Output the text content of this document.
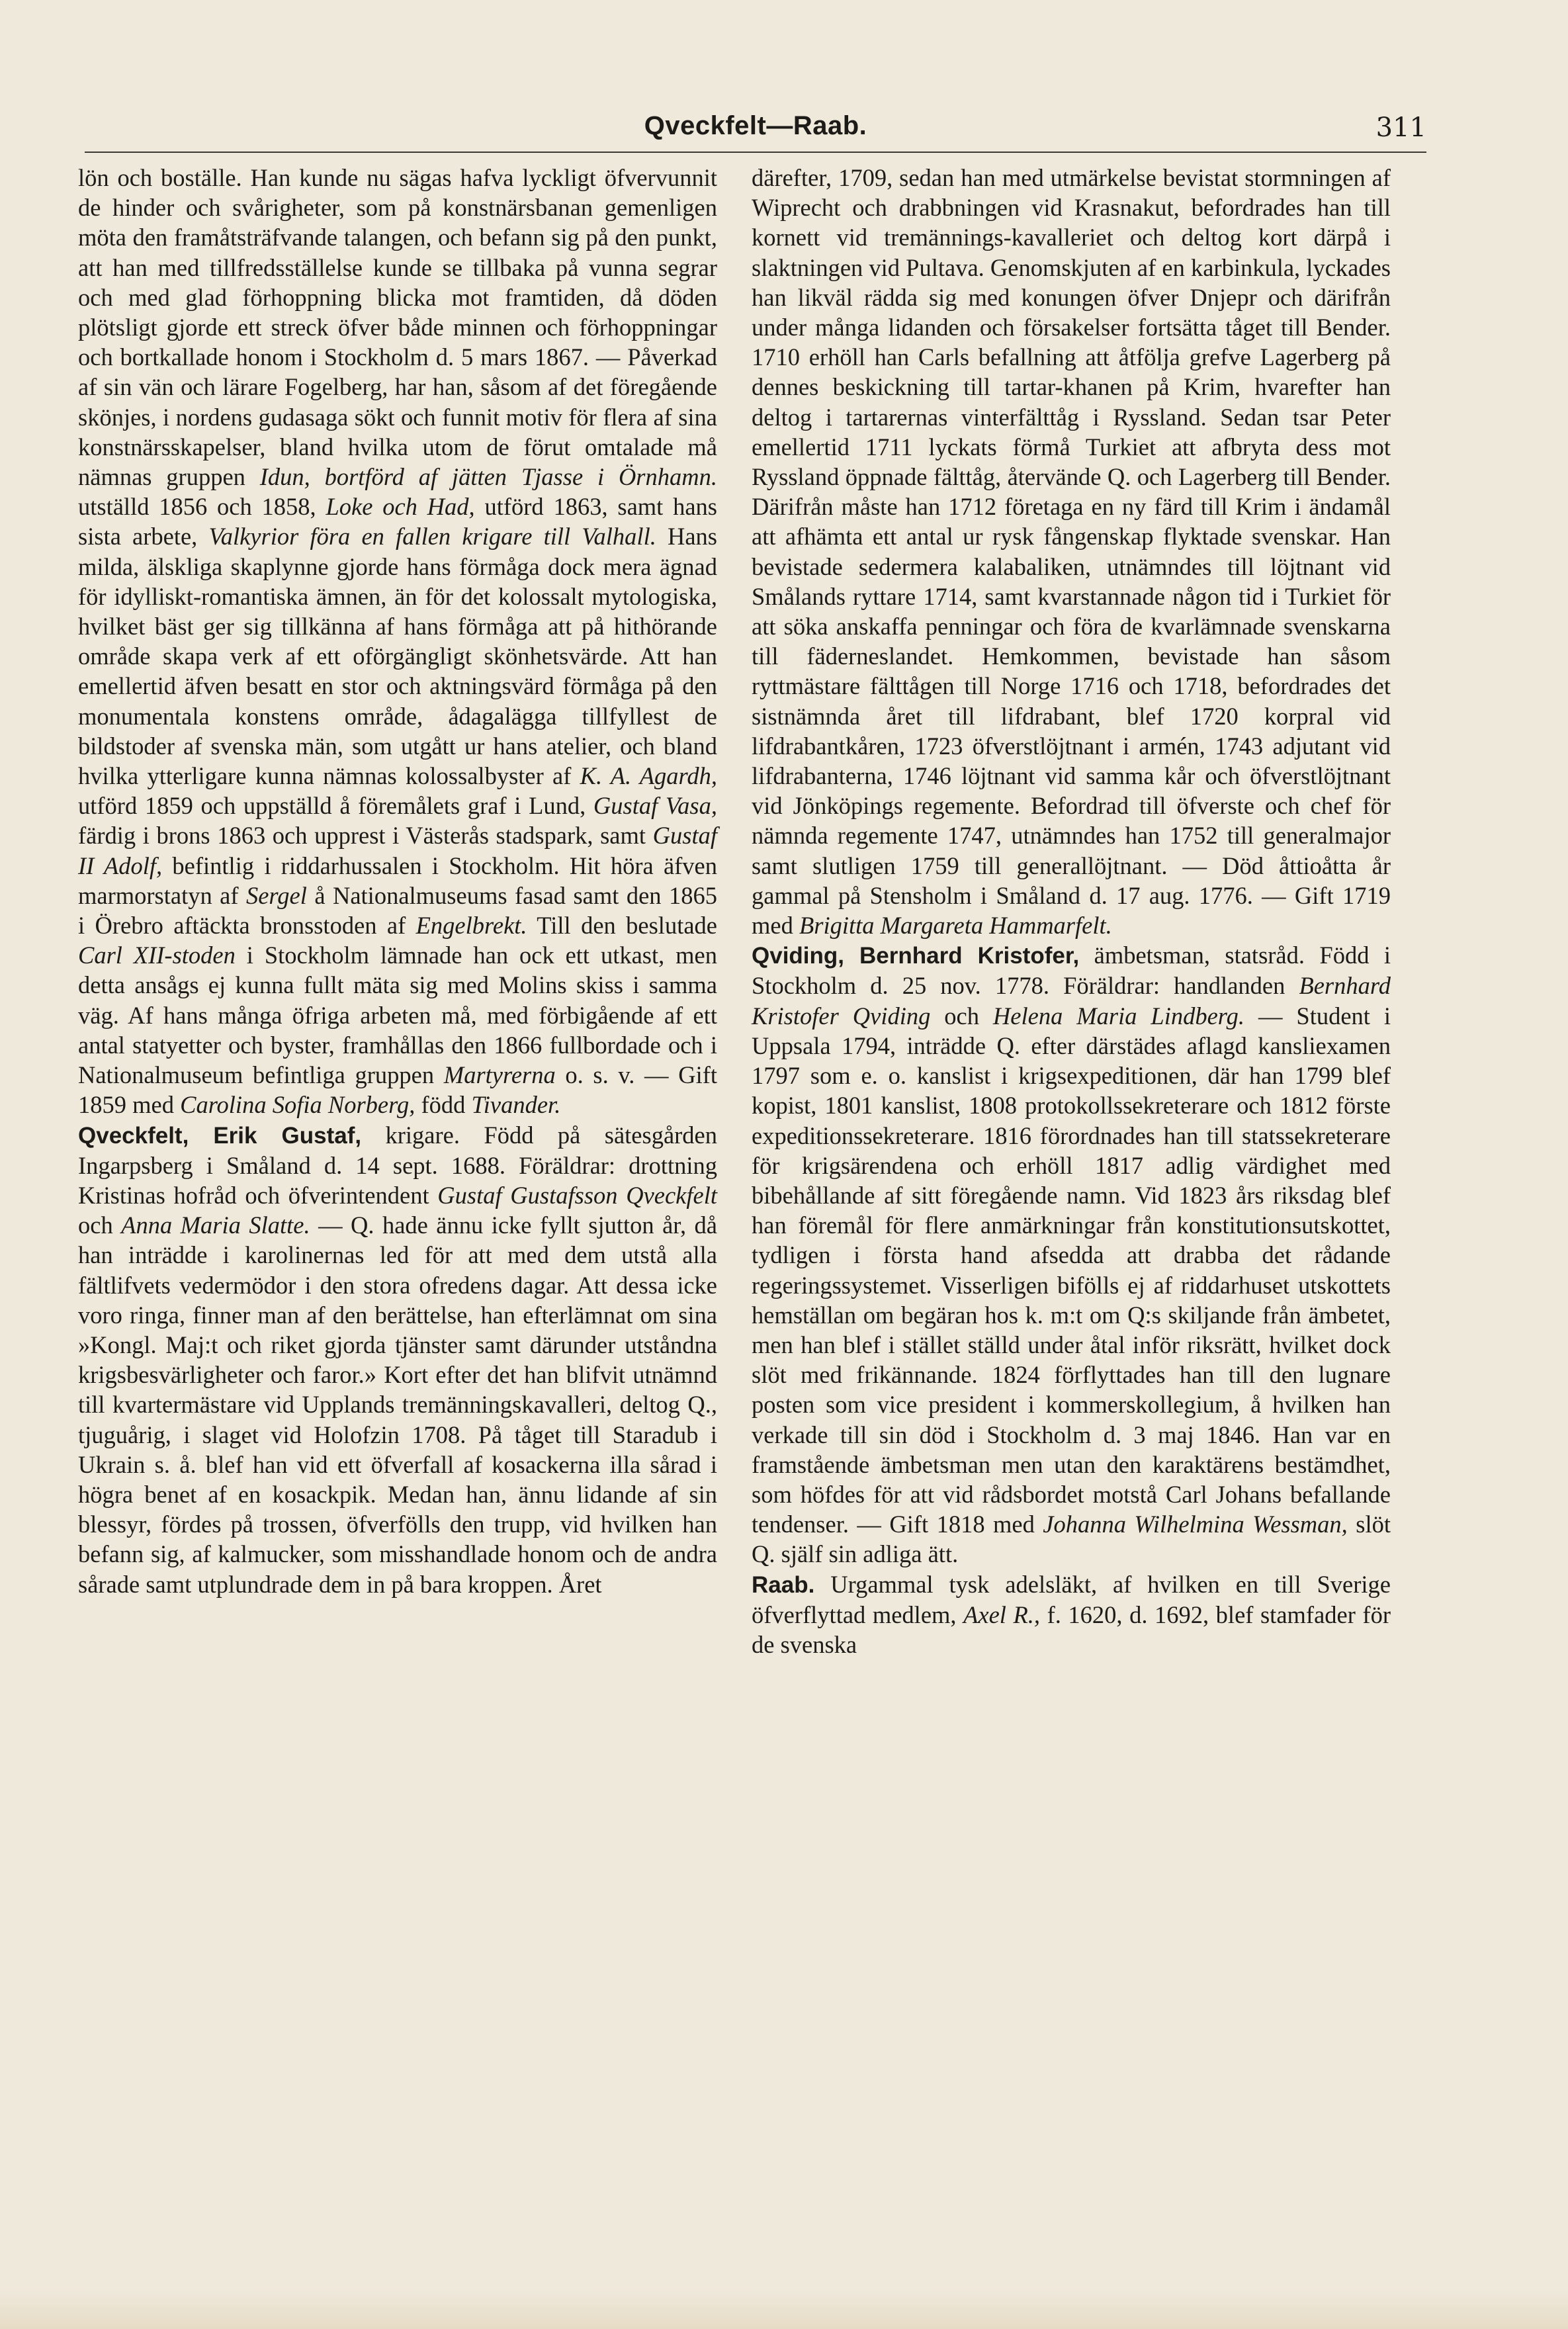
Qveckfelt—Raab.	311

lön och boställe. Han kunde nu sägas hafva lyckligt öfvervunnit de hinder och svårigheter, som på konstnärsbanan gemenligen möta den framåtsträfvande talangen, och befann sig på den punkt, att han med tillfredsställelse kunde se tillbaka på vunna segrar och med glad förhoppning blicka mot framtiden, då döden plötsligt gjorde ett streck öfver både minnen och förhoppningar och bortkallade honom i Stockholm d. 5 mars 1867. — Påverkad af sin vän och lärare Fogelberg, har han, såsom af det föregående skönjes, i nordens gudasaga sökt och funnit motiv för flera af sina konstnärsskapelser, bland hvilka utom de förut omtalade må nämnas gruppen Idun, bortförd af jätten Tjasse i Örnhamn. utställd 1856 och 1858, Loke och Had, utförd 1863, samt hans sista arbete, Valkyrior föra en fallen krigare till Valhall. Hans milda, älskliga skaplynne gjorde hans förmåga dock mera ägnad för idylliskt-romantiska ämnen, än för det kolossalt mytologiska, hvilket bäst ger sig tillkänna af hans förmåga att på hithörande område skapa verk af ett oförgängligt skönhetsvärde. Att han emellertid äfven besatt en stor och aktningsvärd förmåga på den monumentala konstens område, ådagalägga tillfyllest de bildstoder af svenska män, som utgått ur hans atelier, och bland hvilka ytterligare kunna nämnas kolossalbyster af K. A. Agardh, utförd 1859 och uppställd å föremålets graf i Lund, Gustaf Vasa, färdig i brons 1863 och upprest i Västerås stadspark, samt Gustaf II Adolf, befintlig i riddarhussalen i Stockholm. Hit höra äfven marmorstatyn af Sergel å Nationalmuseums fasad samt den 1865 i Örebro aftäckta bronsstoden af Engelbrekt. Till den beslutade Carl XII-stoden i Stockholm lämnade han ock ett utkast, men detta ansågs ej kunna fullt mäta sig med Molins skiss i samma väg. Af hans många öfriga arbeten må, med förbigående af ett antal statyetter och byster, framhållas den 1866 fullbordade och i Nationalmuseum befintliga gruppen Martyrerna o. s. v. — Gift 1859 med Carolina Sofia Norberg, född Tivander.

Qveckfelt, Erik Gustaf, krigare. Född på sätesgården Ingarpsberg i Småland d. 14 sept. 1688. Föräldrar: drottning Kristinas hofråd och öfverintendent Gustaf Gustafsson Qveckfelt och Anna Maria Slatte. — Q. hade ännu icke fyllt sjutton år, då han inträdde i karolinernas led för att med dem utstå alla fältlifvets vedermödor i den stora ofredens dagar. Att dessa icke voro ringa, finner man af den berättelse, han efterlämnat om sina »Kongl. Maj:t och riket gjorda tjänster samt därunder utståndna krigsbesvärligheter och faror.» Kort efter det han blifvit utnämnd till kvartermästare vid Upplands tremänningskavalleri, deltog Q., tjuguårig, i slaget vid Holofzin 1708. På tåget till Staradub i Ukrain s. å. blef han vid ett öfverfall af kosackerna illa sårad i högra benet af en kosackpik. Medan han, ännu lidande af sin blessyr, fördes på trossen, öfverfölls den trupp, vid hvilken han befann sig, af kalmucker, som misshandlade honom och de andra sårade samt utplundrade dem in på bara kroppen. Året

därefter, 1709, sedan han med utmärkelse bevistat stormningen af Wiprecht och drabbningen vid Krasnakut, befordrades han till kornett vid tremännings-kavalleriet och deltog kort därpå i slaktningen vid Pultava. Genomskjuten af en karbinkula, lyckades han likväl rädda sig med konungen öfver Dnjepr och därifrån under många lidanden och försakelser fortsätta tåget till Bender. 1710 erhöll han Carls befallning att åtfölja grefve Lagerberg på dennes beskickning till tartar-khanen på Krim, hvarefter han deltog i tartarernas vinterfälttåg i Ryssland. Sedan tsar Peter emellertid 1711 lyckats förmå Turkiet att afbryta dess mot Ryssland öppnade fälttåg, återvände Q. och Lagerberg till Bender. Därifrån måste han 1712 företaga en ny färd till Krim i ändamål att afhämta ett antal ur rysk fångenskap flyktade svenskar. Han bevistade sedermera kalabaliken, utnämndes till löjtnant vid Smålands ryttare 1714, samt kvarstannade någon tid i Turkiet för att söka anskaffa penningar och föra de kvarlämnade svenskarna till fäderneslandet. Hemkommen, bevistade han såsom ryttmästare fälttågen till Norge 1716 och 1718, befordrades det sistnämnda året till lifdrabant, blef 1720 korpral vid lifdrabantkåren, 1723 öfverstlöjtnant i armén, 1743 adjutant vid lifdrabanterna, 1746 löjtnant vid samma kår och öfverstlöjtnant vid Jönköpings regemente. Befordrad till öfverste och chef för nämnda regemente 1747, utnämndes han 1752 till generalmajor samt slutligen 1759 till generallöjtnant. — Död åttioåtta år gammal på Stensholm i Småland d. 17 aug. 1776. — Gift 1719 med Brigitta Margareta Hammarfelt.

Qviding, Bernhard Kristofer, ämbetsman, statsråd. Född i Stockholm d. 25 nov. 1778. Föräldrar: handlanden Bernhard Kristofer Qviding och Helena Maria Lindberg. — Student i Uppsala 1794, inträdde Q. efter därstädes aflagd kansliexamen 1797 som e. o. kanslist i krigsexpeditionen, där han 1799 blef kopist, 1801 kanslist, 1808 protokollssekreterare och 1812 förste expeditionssekreterare. 1816 förordnades han till statssekreterare för krigsärendena och erhöll 1817 adlig värdighet med bibehållande af sitt föregående namn. Vid 1823 års riksdag blef han föremål för flere anmärkningar från konstitutionsutskottet, tydligen i första hand afsedda att drabba det rådande regeringssystemet. Visserligen bifölls ej af riddarhuset utskottets hemställan om begäran hos k. m:t om Q:s skiljande från ämbetet, men han blef i stället ställd under åtal inför riksrätt, hvilket dock slöt med frikännande. 1824 förflyttades han till den lugnare posten som vice president i kommerskollegium, å hvilken han verkade till sin död i Stockholm d. 3 maj 1846. Han var en framstående ämbetsman men utan den karaktärens bestämdhet, som höfdes för att vid rådsbordet motstå Carl Johans befallande tendenser. — Gift 1818 med Johanna Wilhelmina Wessman, slöt Q. själf sin adliga ätt.

Raab. Urgammal tysk adelsläkt, af hvilken en till Sverige öfverflyttad medlem, Axel R., f. 1620, d. 1692, blef stamfader för de svenska
